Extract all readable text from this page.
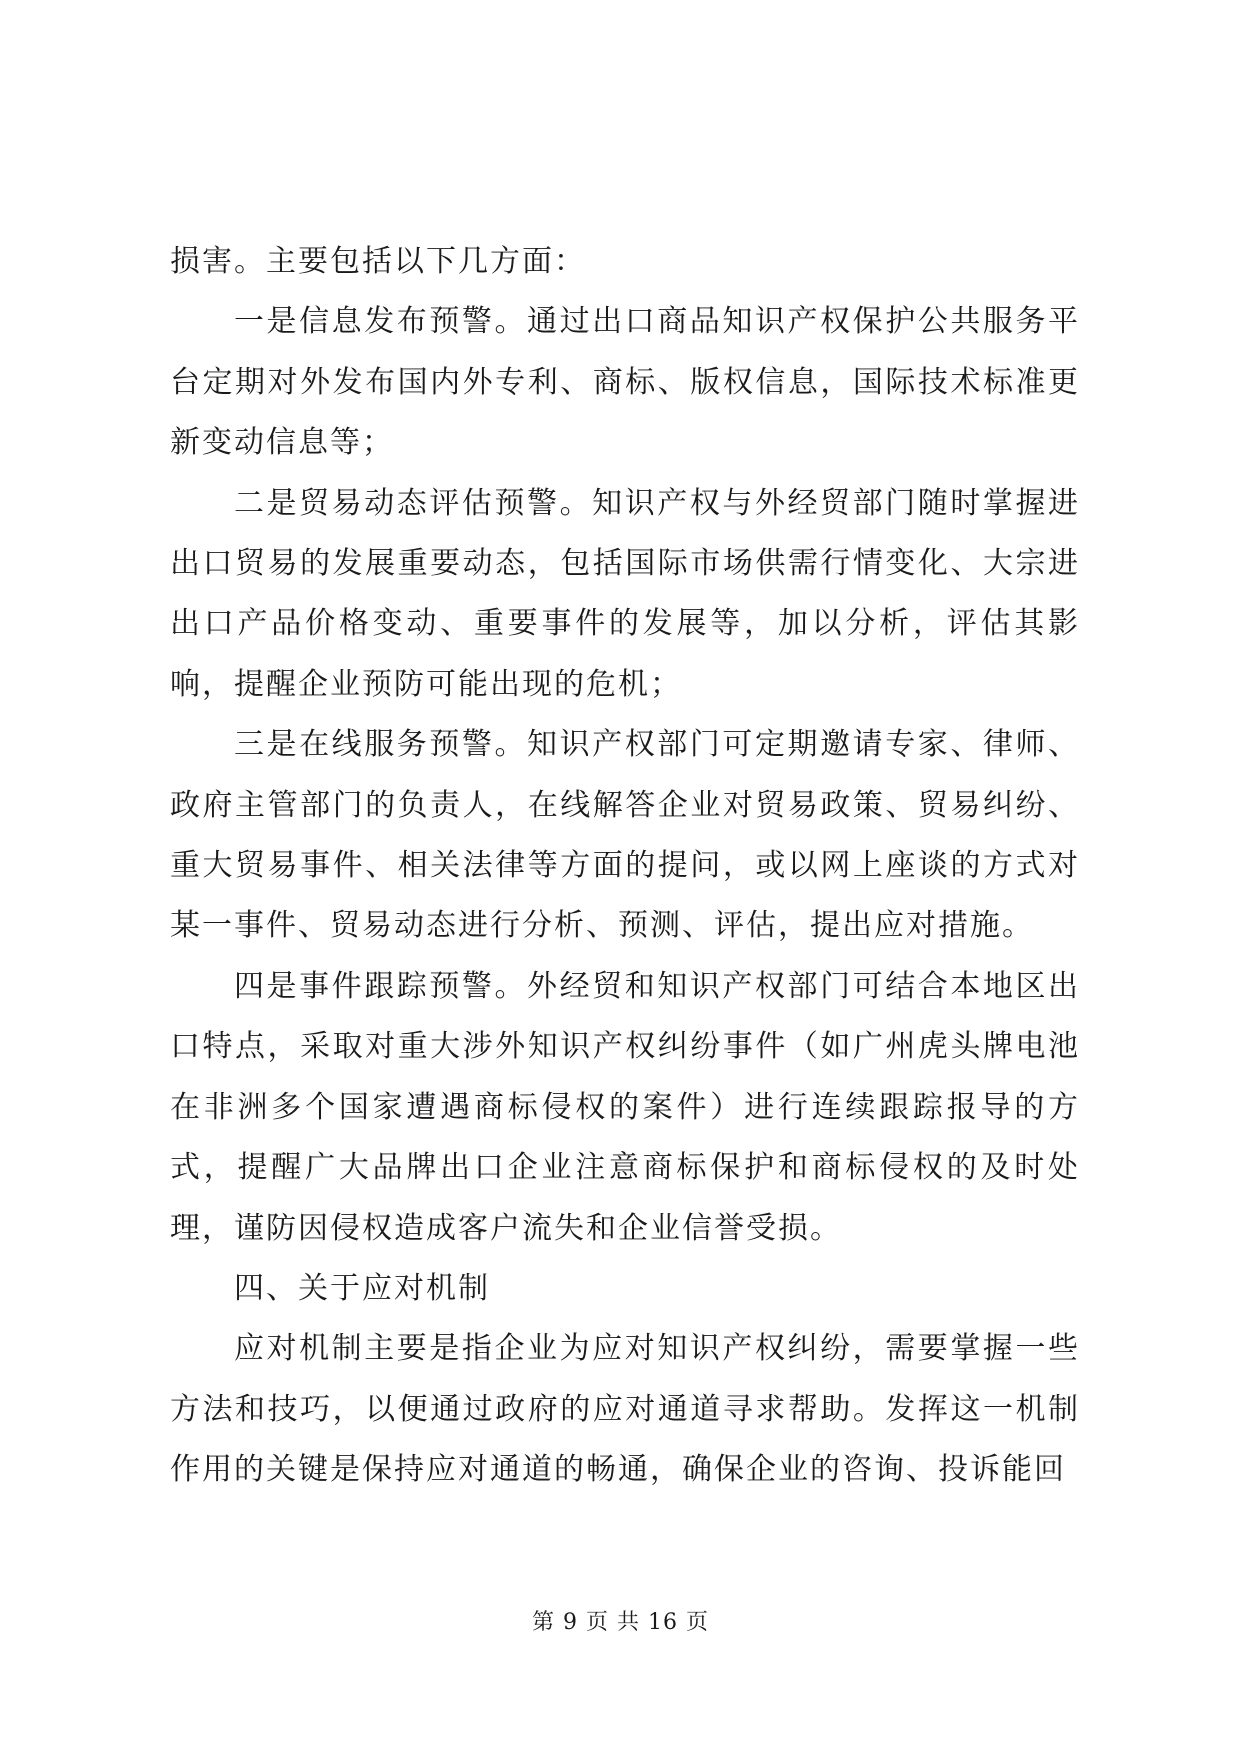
损害。主要包括以下几方面：

一是信息发布预警。通过出口商品知识产权保护公共服务平台定期对外发布国内外专利、商标、版权信息，国际技术标准更新变动信息等；

二是贸易动态评估预警。知识产权与外经贸部门随时掌握进出口贸易的发展重要动态，包括国际市场供需行情变化、大宗进出口产品价格变动、重要事件的发展等，加以分析，评估其影响，提醒企业预防可能出现的危机；

三是在线服务预警。知识产权部门可定期邀请专家、律师、政府主管部门的负责人，在线解答企业对贸易政策、贸易纠纷、重大贸易事件、相关法律等方面的提问，或以网上座谈的方式对某一事件、贸易动态进行分析、预测、评估，提出应对措施。

四是事件跟踪预警。外经贸和知识产权部门可结合本地区出口特点，采取对重大涉外知识产权纠纷事件（如广州虎头牌电池在非洲多个国家遭遇商标侵权的案件）进行连续跟踪报导的方式，提醒广大品牌出口企业注意商标保护和商标侵权的及时处理，谨防因侵权造成客户流失和企业信誉受损。

四、关于应对机制

应对机制主要是指企业为应对知识产权纠纷，需要掌握一些方法和技巧，以便通过政府的应对通道寻求帮助。发挥这一机制作用的关键是保持应对通道的畅通，确保企业的咨询、投诉能回

第 9 页 共 16 页
